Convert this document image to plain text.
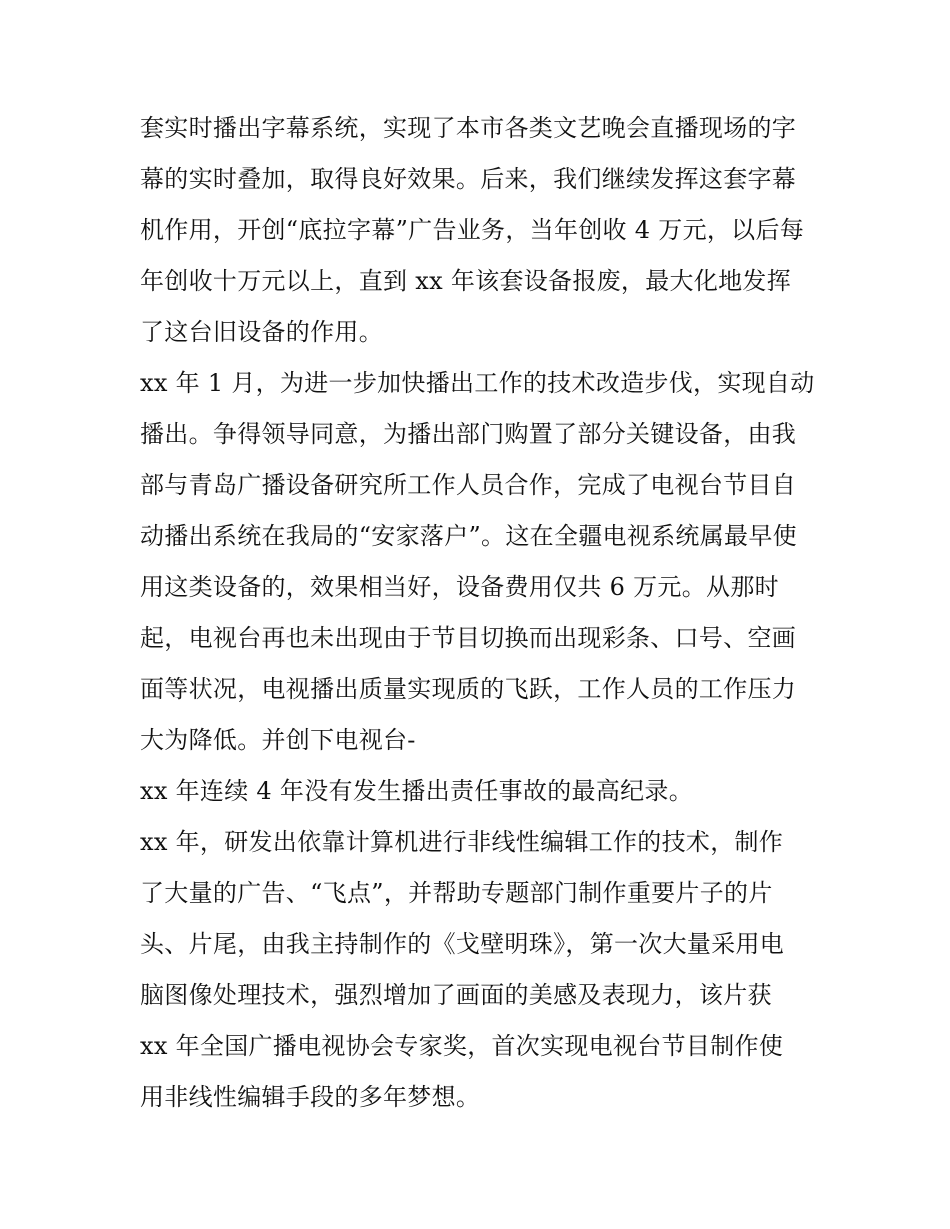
套实时播出字幕系统，实现了本市各类文艺晚会直播现场的字
幕的实时叠加，取得良好效果。后来，我们继续发挥这套字幕
机作用，开创“底拉字幕”广告业务，当年创收 4 万元，以后每
年创收十万元以上，直到 xx 年该套设备报废，最大化地发挥
了这台旧设备的作用。
xx 年 1 月，为进一步加快播出工作的技术改造步伐，实现自动
播出。争得领导同意，为播出部门购置了部分关键设备，由我
部与青岛广播设备研究所工作人员合作，完成了电视台节目自
动播出系统在我局的“安家落户”。这在全疆电视系统属最早使
用这类设备的，效果相当好，设备费用仅共 6 万元。从那时
起，电视台再也未出现由于节目切换而出现彩条、口号、空画
面等状况，电视播出质量实现质的飞跃，工作人员的工作压力
大为降低。并创下电视台-
xx 年连续 4 年没有发生播出责任事故的最高纪录。
xx 年，研发出依靠计算机进行非线性编辑工作的技术，制作
了大量的广告、“飞点”，并帮助专题部门制作重要片子的片
头、片尾，由我主持制作的《戈壁明珠》，第一次大量采用电
脑图像处理技术，强烈增加了画面的美感及表现力，该片获
xx 年全国广播电视协会专家奖，首次实现电视台节目制作使
用非线性编辑手段的多年梦想。
